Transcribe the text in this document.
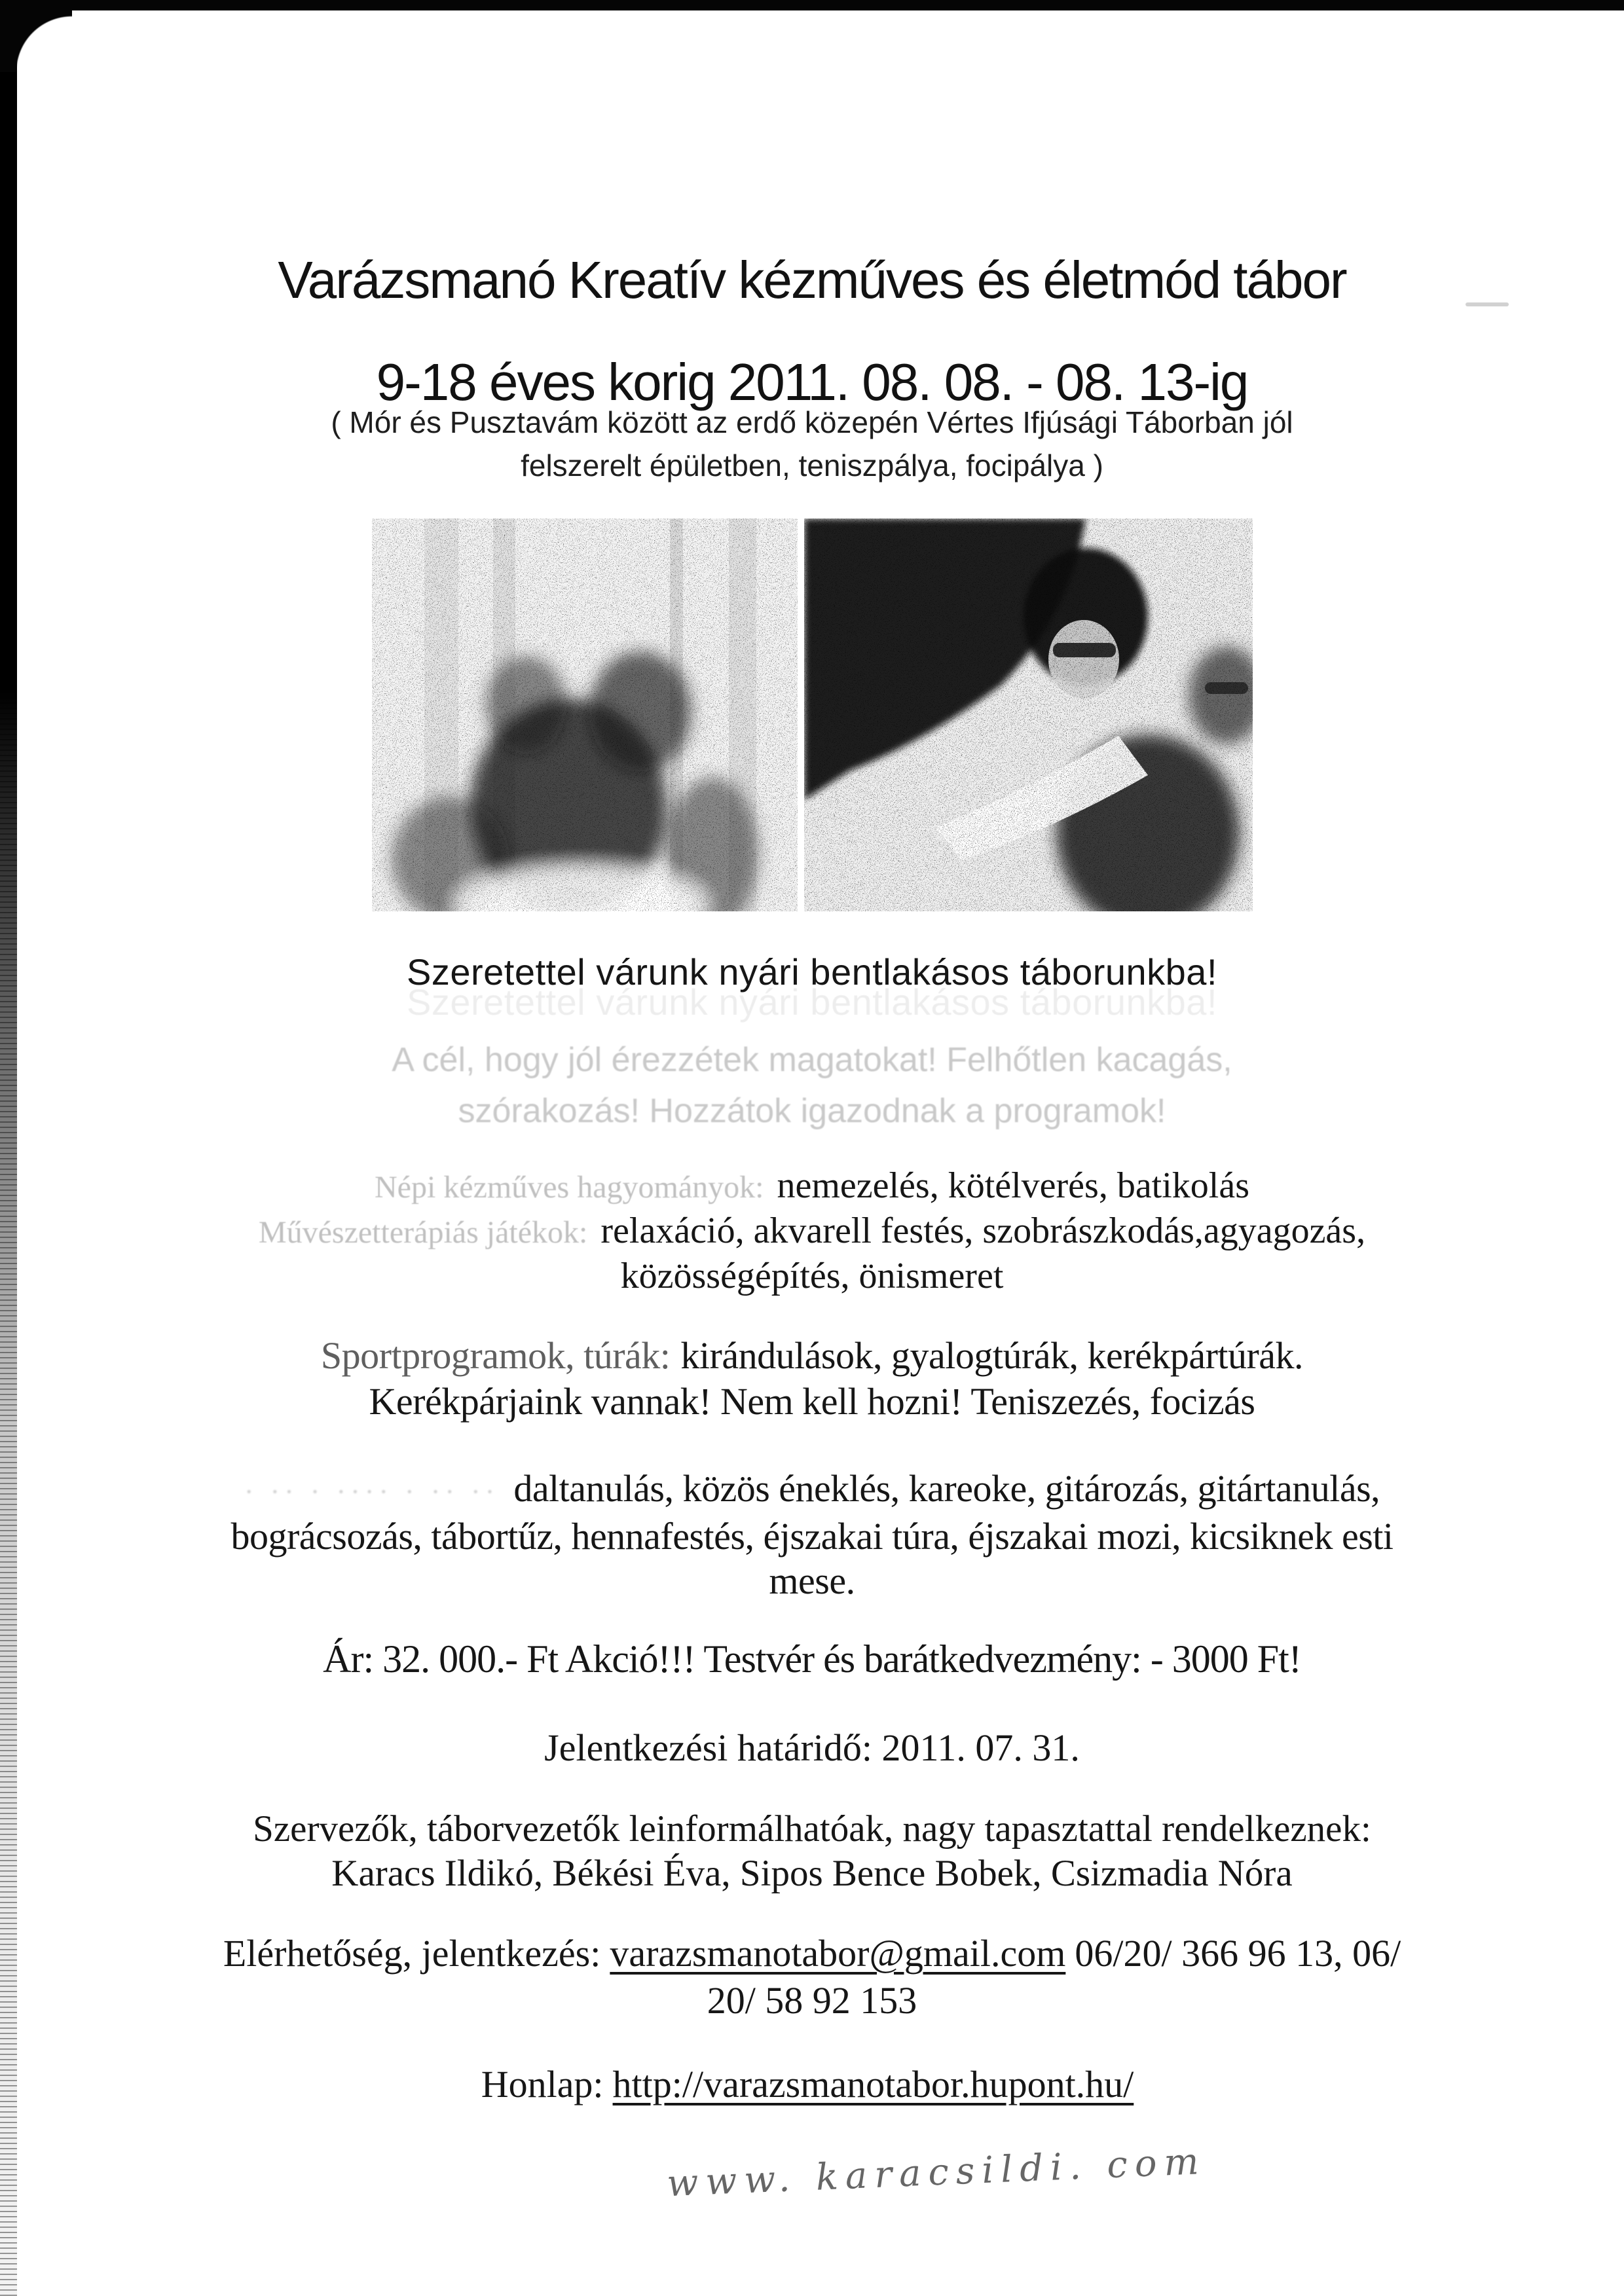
Varázsmanó Kreatív kézműves és életmód tábor
9-18 éves korig 2011. 08. 08. - 08. 13-ig
( Mór és Pusztavám között az erdő közepén Vértes Ifjúsági Táborban jól
felszerelt épületben, teniszpálya, focipálya )
Szeretettel várunk nyári bentlakásos táborunkba!
A cél, hogy jól érezzétek magatokat! Felhőtlen kacagás,
szórakozás! Hozzátok igazodnak a programok!
Népi kézműves hagyományok: nemezelés, kötélverés, batikolás
Művészetterápiás játékok: relaxáció, akvarell festés, szobrászkodás,agyagozás,
közösségépítés, önismeret
Sportprogramok, túrák: kirándulások, gyalogtúrák, kerékpártúrák.
Kerékpárjaink vannak! Nem kell hozni! Teniszezés, focizás
· ·· · ···· · ·· ·· daltanulás, közös éneklés, kareoke, gitározás, gitártanulás,
bográcsozás, tábortűz, hennafestés, éjszakai túra, éjszakai mozi, kicsiknek esti
mese.
Ár: 32. 000.- Ft Akció!!! Testvér és barátkedvezmény: - 3000 Ft!
Jelentkezési határidő: 2011. 07. 31.
Szervezők, táborvezetők leinformálhatóak, nagy tapasztattal rendelkeznek:
Karacs Ildikó, Békési Éva, Sipos Bence Bobek, Csizmadia Nóra
Elérhetőség, jelentkezés: varazsmanotabor@gmail.com 06/20/ 366 96 13, 06/
20/ 58 92 153
Honlap: http://varazsmanotabor.hupont.hu/
www. karacsildi. com
